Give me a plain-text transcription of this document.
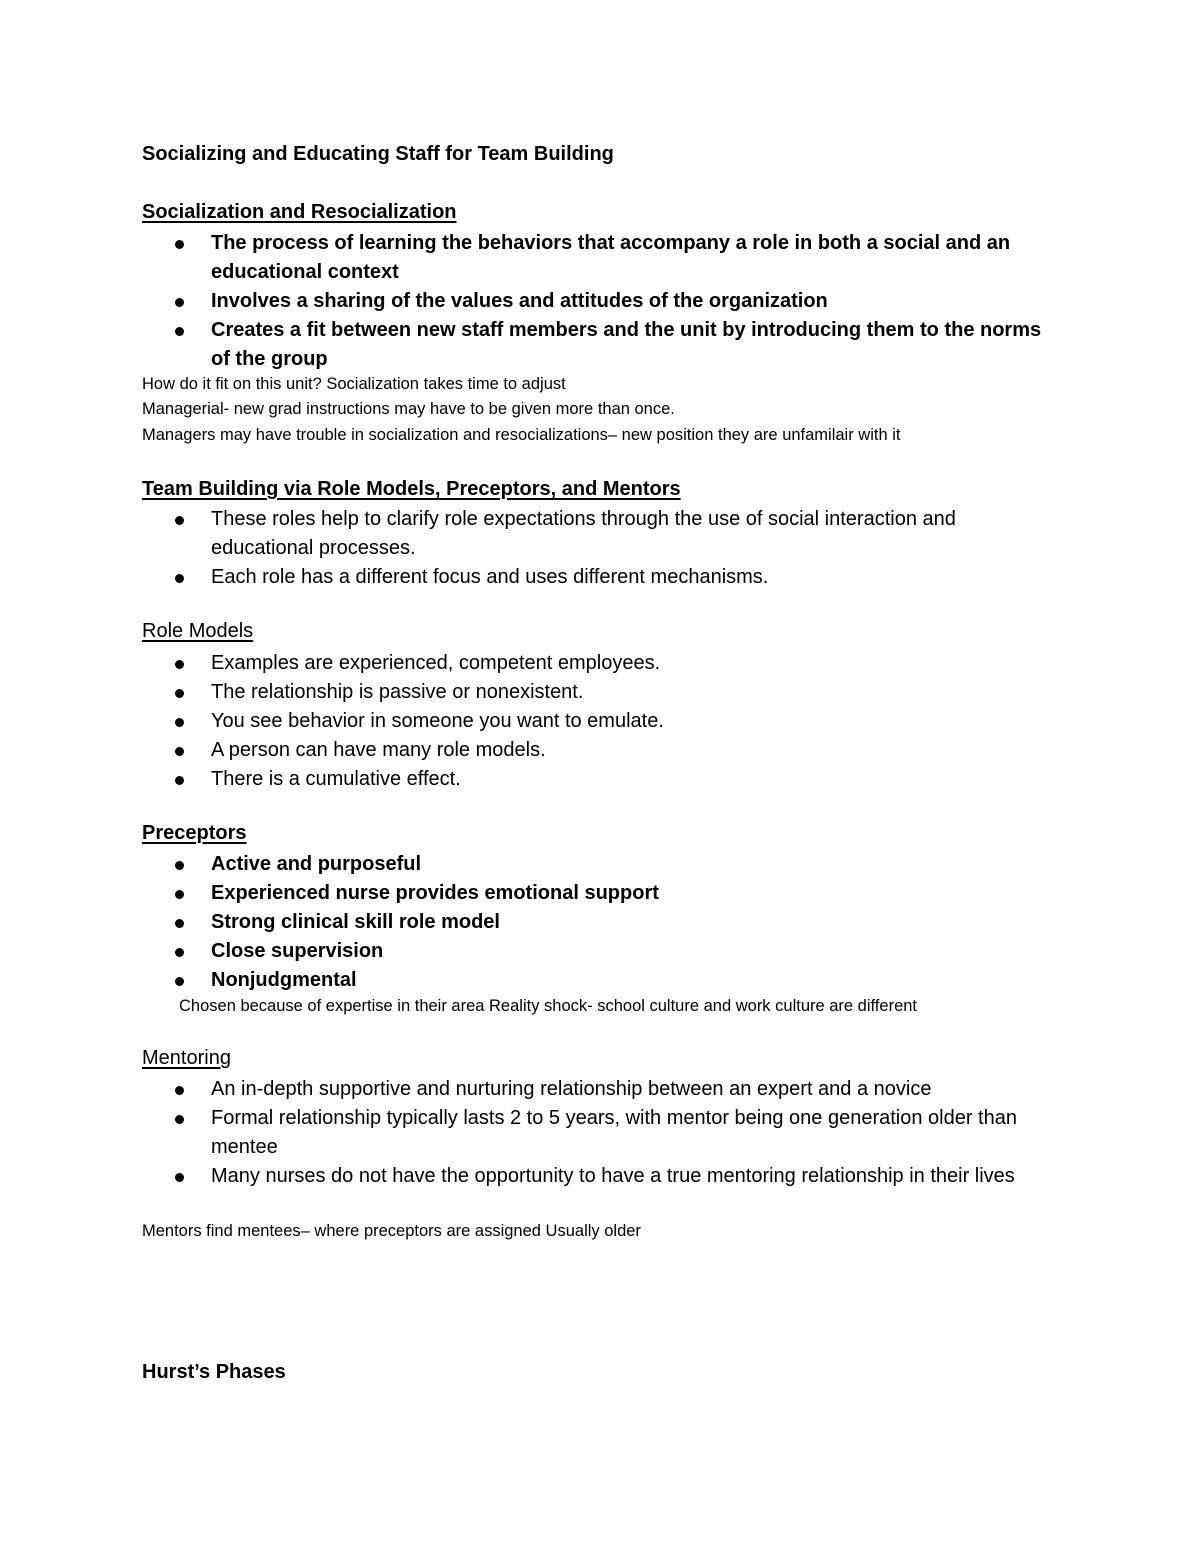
Socializing and Educating Staff for Team Building
Socialization and Resocialization
The process of learning the behaviors that accompany a role in both a social and an educational context
Involves a sharing of the values and attitudes of the organization
Creates a fit between new staff members and the unit by introducing them to the norms of the group
How do it fit on this unit? Socialization takes time to adjust
Managerial- new grad instructions may have to be given more than once.
Managers may have trouble in socialization and resocializations– new position they are unfamilair with it
Team Building via Role Models, Preceptors, and Mentors
These roles help to clarify role expectations through the use of social interaction and educational processes.
Each role has a different focus and uses different mechanisms.
Role Models
Examples are experienced, competent employees.
The relationship is passive or nonexistent.
You see behavior in someone you want to emulate.
A person can have many role models.
There is a cumulative effect.
Preceptors
Active and purposeful
Experienced nurse provides emotional support
Strong clinical skill role model
Close supervision
Nonjudgmental
Chosen because of expertise in their area Reality shock- school culture and work culture are different
Mentoring
An in-depth supportive and nurturing relationship between an expert and a novice
Formal relationship typically lasts 2 to 5 years, with mentor being one generation older than mentee
Many nurses do not have the opportunity to have a true mentoring relationship in their lives
Mentors find mentees– where preceptors are assigned Usually older
Hurst’s Phases
